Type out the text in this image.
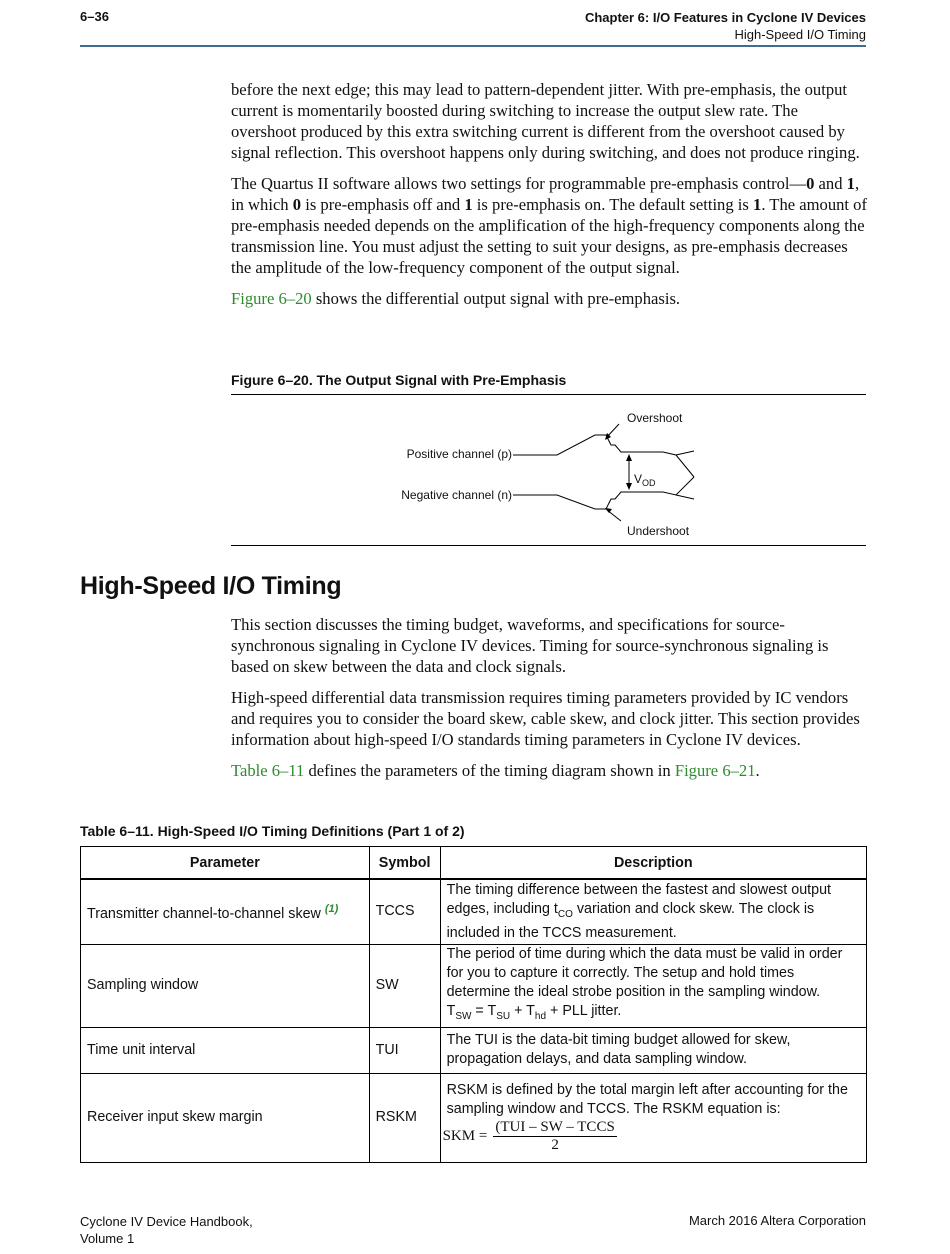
6–36	Chapter 6: I/O Features in Cyclone IV Devices
High-Speed I/O Timing

before the next edge; this may lead to pattern-dependent jitter. With pre-emphasis, the output current is momentarily boosted during switching to increase the output slew rate. The overshoot produced by this extra switching current is different from the overshoot caused by signal reflection. This overshoot happens only during switching, and does not produce ringing.

The Quartus II software allows two settings for programmable pre-emphasis control—0 and 1, in which 0 is pre-emphasis off and 1 is pre-emphasis on. The default setting is 1. The amount of pre-emphasis needed depends on the amplification of the high-frequency components along the transmission line. You must adjust the setting to suit your designs, as pre-emphasis decreases the amplitude of the low-frequency component of the output signal.

Figure 6–20 shows the differential output signal with pre-emphasis.

Figure 6–20. The Output Signal with Pre-Emphasis
Overshoot
Undershoot
Positive channel (p)
Negative channel (n)
$V_{OD}$
High-Speed I/O Timing

This section discusses the timing budget, waveforms, and specifications for source-synchronous signaling in Cyclone IV devices. Timing for source-synchronous signaling is based on skew between the data and clock signals.

High-speed differential data transmission requires timing parameters provided by IC vendors and requires you to consider the board skew, cable skew, and clock jitter. This section provides information about high-speed I/O standards timing parameters in Cyclone IV devices.

Table 6–11 defines the parameters of the timing diagram shown in Figure 6–21.

Table 6–11. High-Speed I/O Timing Definitions (Part 1 of 2)
Parameter	Symbol	Description
Transmitter channel-to-channel skew $^{(1)}$	TCCS	The timing difference between the fastest and slowest output edges, including $t_{CO}$ variation and clock skew. The clock is included in the TCCS measurement.
Sampling window	SW	The period of time during which the data must be valid in order for you to capture it correctly. The setup and hold times determine the ideal strobe position in the sampling window.
$T_{SW} = T_{SU} + T_{hd}$ + PLL jitter.

Time unit interval	TUI	The TUI is the data-bit timing budget allowed for skew, propagation delays, and data sampling window.
Receiver input skew margin	RSKM	RSKM is defined by the total margin left after accounting for the sampling window and TCCS. The RSKM equation is:
SKM = $\frac{\text{(TUI – SW – TCCS}}{2}$
Cyclone IV Device Handbook,
Volume 1
March 2016 Altera Corporation
